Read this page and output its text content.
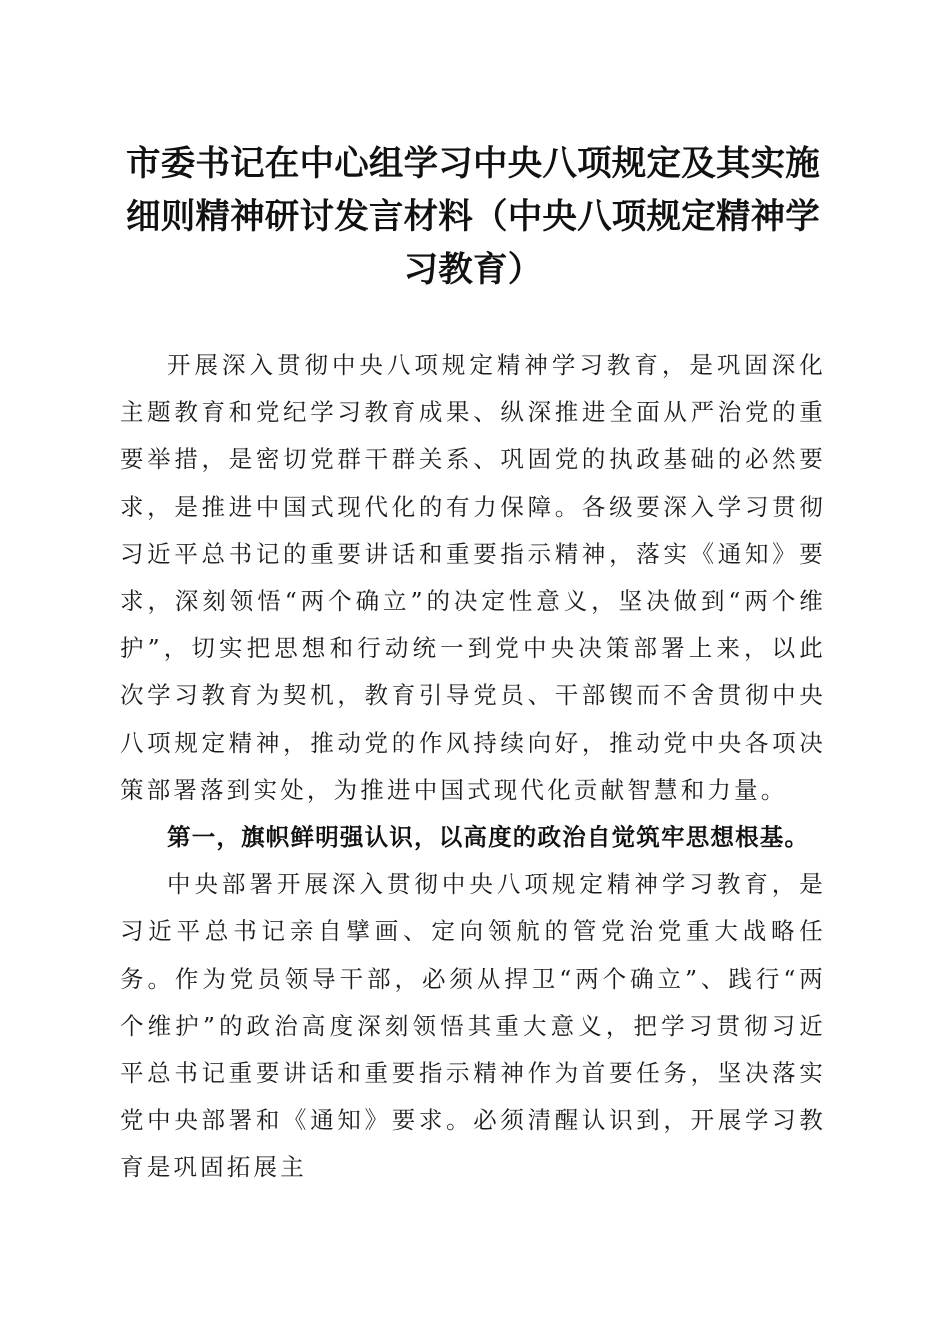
市委书记在中心组学习中央八项规定及其实施细则精神研讨发言材料（中央八项规定精神学习教育）

开展深入贯彻中央八项规定精神学习教育，是巩固深化主题教育和党纪学习教育成果、纵深推进全面从严治党的重要举措，是密切党群干群关系、巩固党的执政基础的必然要求，是推进中国式现代化的有力保障。各级要深入学习贯彻习近平总书记的重要讲话和重要指示精神，落实《通知》要求，深刻领悟“两个确立”的决定性意义，坚决做到“两个维护”，切实把思想和行动统一到党中央决策部署上来，以此次学习教育为契机，教育引导党员、干部锲而不舍贯彻中央八项规定精神，推动党的作风持续向好，推动党中央各项决策部署落到实处，为推进中国式现代化贡献智慧和力量。

第一，旗帜鲜明强认识，以高度的政治自觉筑牢思想根基。

中央部署开展深入贯彻中央八项规定精神学习教育，是习近平总书记亲自擘画、定向领航的管党治党重大战略任务。作为党员领导干部，必须从捍卫“两个确立”、践行“两个维护”的政治高度深刻领悟其重大意义，把学习贯彻习近平总书记重要讲话和重要指示精神作为首要任务，坚决落实党中央部署和《通知》要求。必须清醒认识到，开展学习教育是巩固拓展主
